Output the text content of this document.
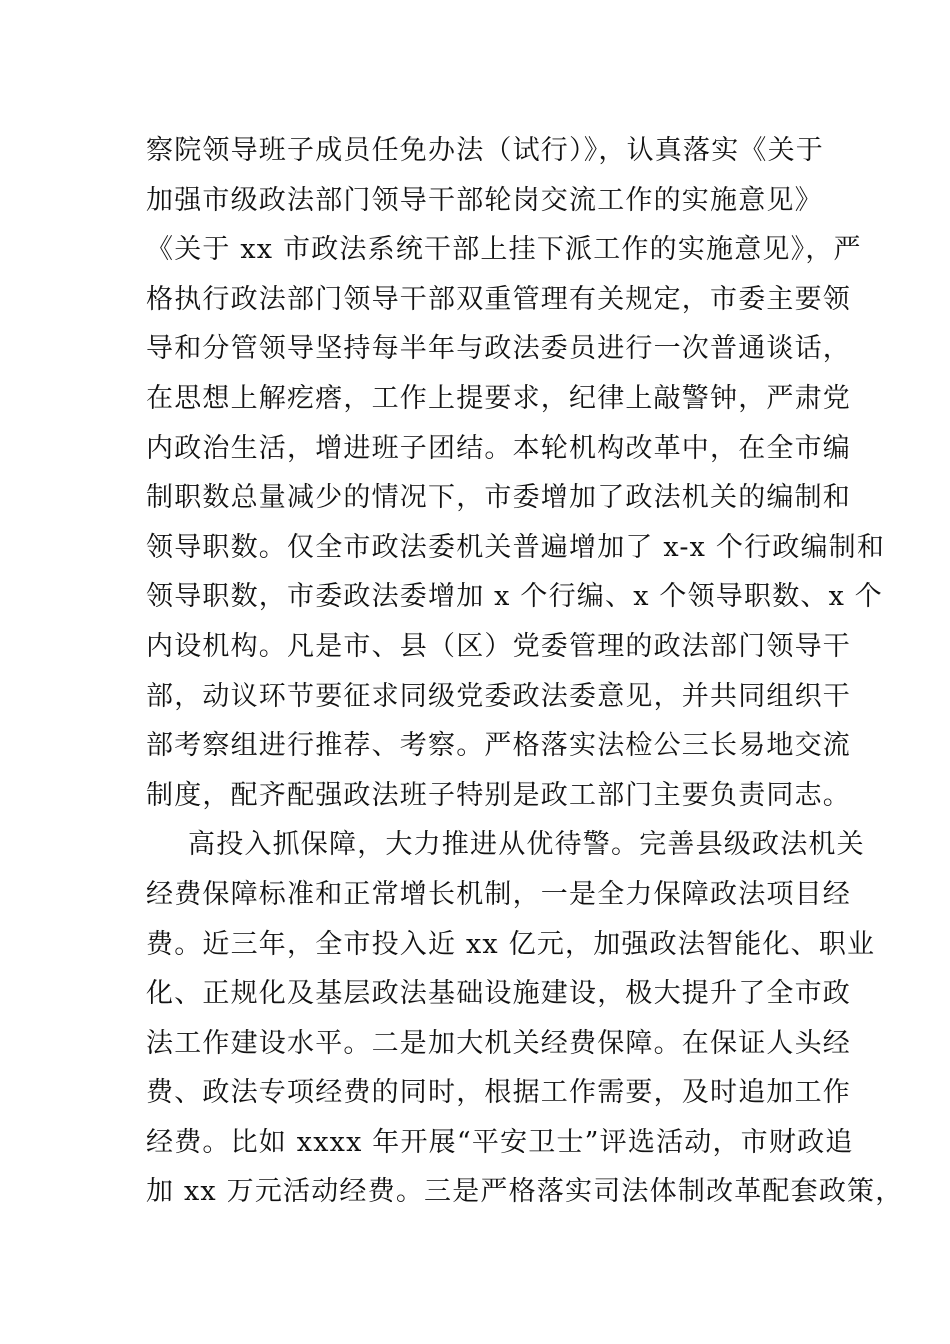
察院领导班子成员任免办法（试行）》，认真落实《关于
加强市级政法部门领导干部轮岗交流工作的实施意见》
《关于 xx 市政法系统干部上挂下派工作的实施意见》，严
格执行政法部门领导干部双重管理有关规定，市委主要领
导和分管领导坚持每半年与政法委员进行一次普通谈话，
在思想上解疙瘩，工作上提要求，纪律上敲警钟，严肃党
内政治生活，增进班子团结。本轮机构改革中，在全市编
制职数总量减少的情况下，市委增加了政法机关的编制和
领导职数。仅全市政法委机关普遍增加了 x-x 个行政编制和
领导职数，市委政法委增加 x 个行编、x 个领导职数、x 个
内设机构。凡是市、县（区）党委管理的政法部门领导干
部，动议环节要征求同级党委政法委意见，并共同组织干
部考察组进行推荐、考察。严格落实法检公三长易地交流
制度，配齐配强政法班子特别是政工部门主要负责同志。
高投入抓保障，大力推进从优待警。完善县级政法机关
经费保障标准和正常增长机制，一是全力保障政法项目经
费。近三年，全市投入近 xx 亿元，加强政法智能化、职业
化、正规化及基层政法基础设施建设，极大提升了全市政
法工作建设水平。二是加大机关经费保障。在保证人头经
费、政法专项经费的同时，根据工作需要，及时追加工作
经费。比如 xxxx 年开展“平安卫士”评选活动，市财政追
加 xx 万元活动经费。三是严格落实司法体制改革配套政策，
